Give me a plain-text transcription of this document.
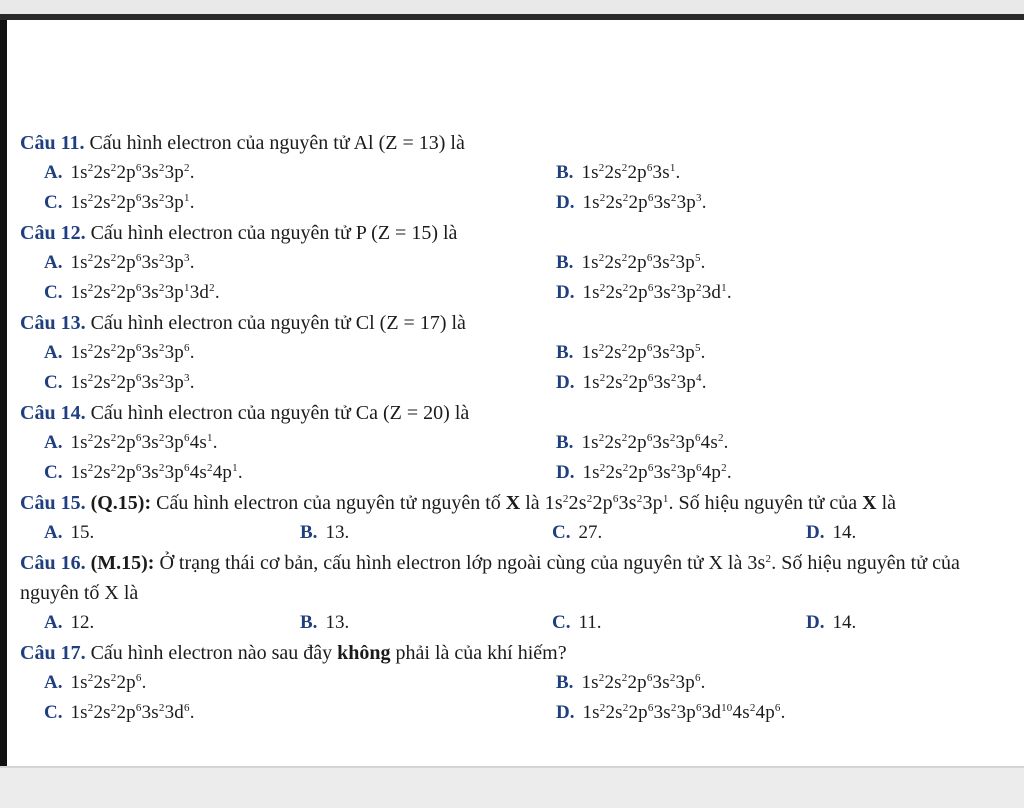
Câu 11. Cấu hình electron của nguyên tử Al (Z = 13) là
A. $1s^22s^22p^63s^23p^2$.	B. $1s^22s^22p^63s^1$.
C. $1s^22s^22p^63s^23p^1$.	D. $1s^22s^22p^63s^23p^3$.
Câu 12. Cấu hình electron của nguyên tử P (Z = 15) là
A. $1s^22s^22p^63s^23p^3$.	B. $1s^22s^22p^63s^23p^5$.
C. $1s^22s^22p^63s^23p^13d^2$.	D. $1s^22s^22p^63s^23p^23d^1$.
Câu 13. Cấu hình electron của nguyên tử Cl (Z = 17) là
A. $1s^22s^22p^63s^23p^6$.	B. $1s^22s^22p^63s^23p^5$.
C. $1s^22s^22p^63s^23p^3$.	D. $1s^22s^22p^63s^23p^4$.
Câu 14. Cấu hình electron của nguyên tử Ca (Z = 20) là
A. $1s^22s^22p^63s^23p^64s^1$.	B. $1s^22s^22p^63s^23p^64s^2$.
C. $1s^22s^22p^63s^23p^64s^24p^1$.	D. $1s^22s^22p^63s^23p^64p^2$.
Câu 15. (Q.15): Cấu hình electron của nguyên tử nguyên tố X là $1s^22s^22p^63s^23p^1$. Số hiệu nguyên tử của X là
A. 15.	B. 13.	C. 27.	D. 14.
Câu 16. (M.15): Ở trạng thái cơ bản, cấu hình electron lớp ngoài cùng của nguyên tử X là $3s^2$. Số hiệu nguyên tử của nguyên tố X là
A. 12.	B. 13.	C. 11.	D. 14.
Câu 17. Cấu hình electron nào sau đây không phải là của khí hiếm?
A. $1s^22s^22p^6$.	B. $1s^22s^22p^63s^23p^6$.
C. $1s^22s^22p^63s^23d^6$.	D. $1s^22s^22p^63s^23p^63d^{10}4s^24p^6$.
